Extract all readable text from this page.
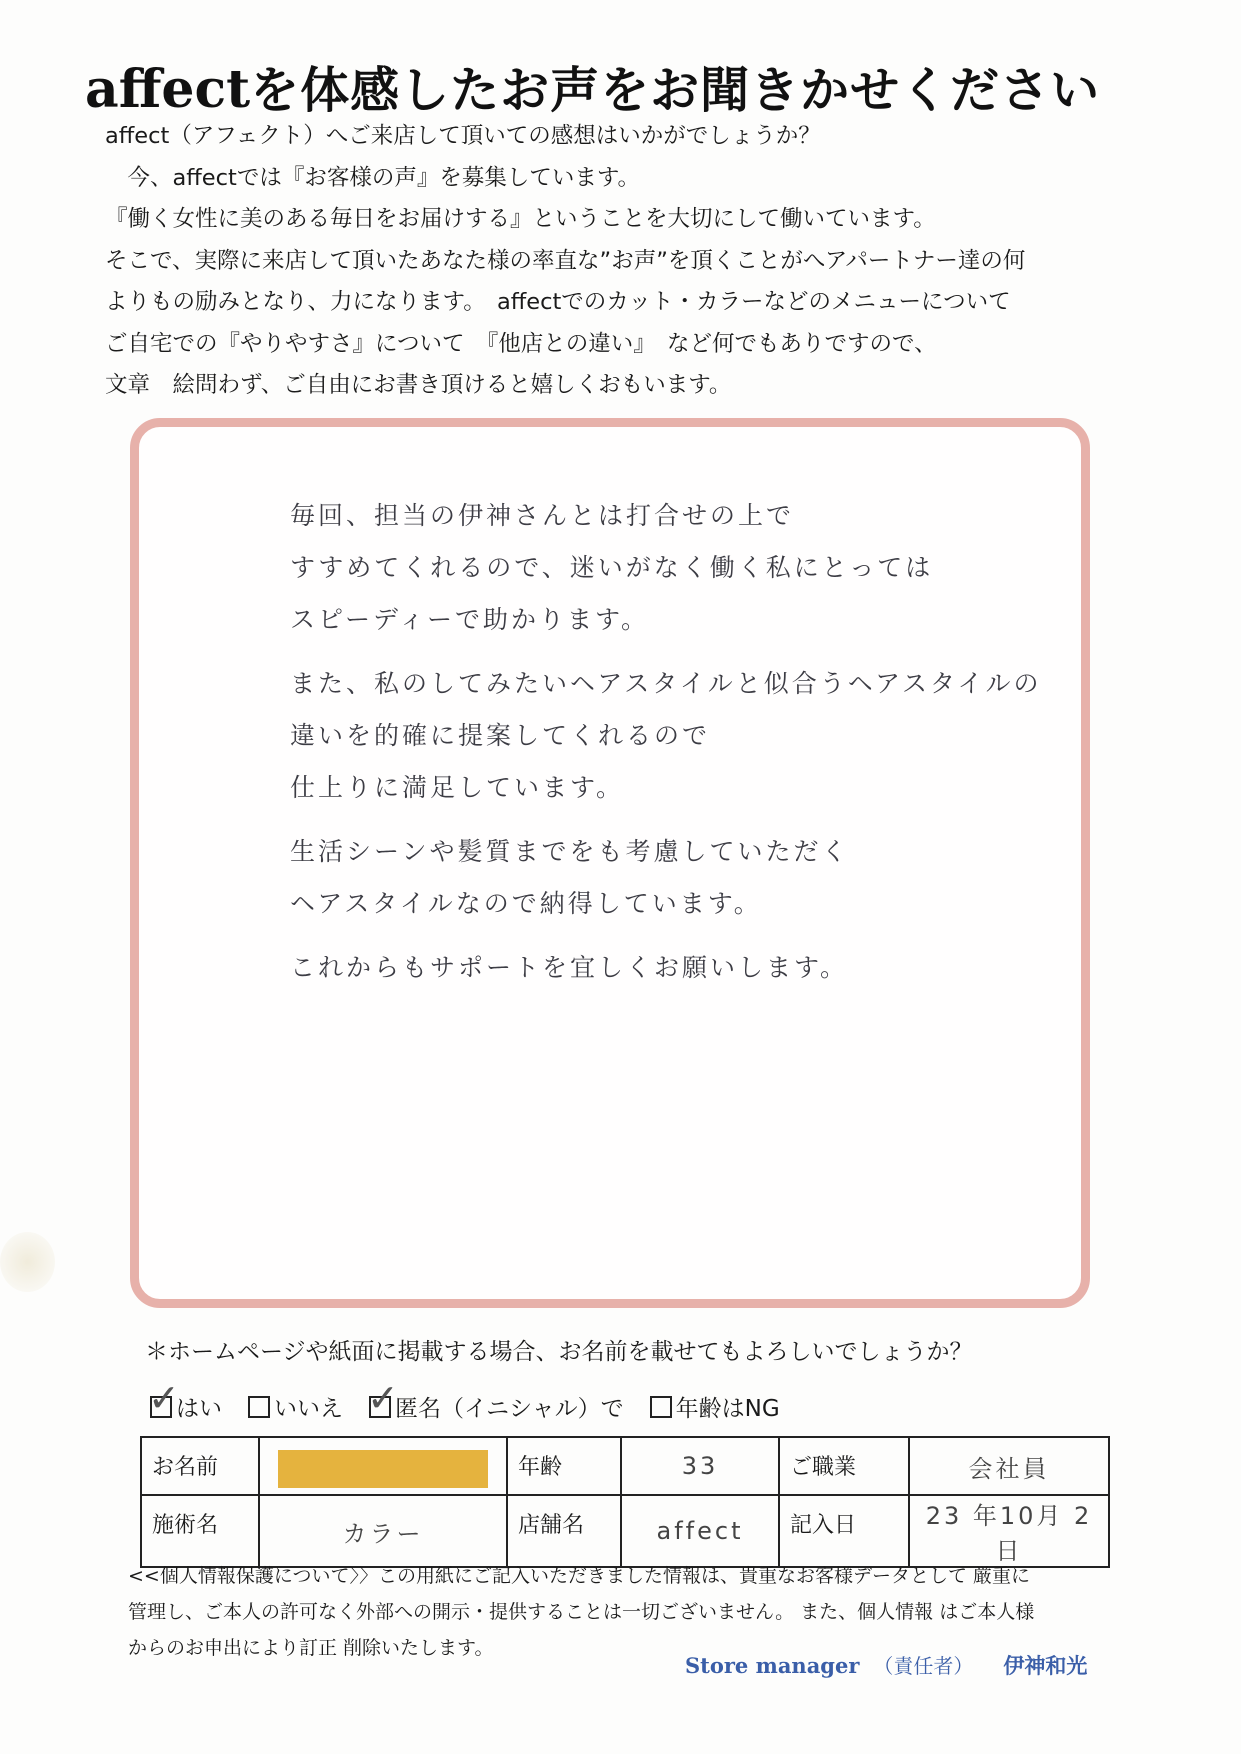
affectを体感したお声をお聞きかせください
affect（アフェクト）へご来店して頂いての感想はいかがでしょうか？
　今、affectでは『お客様の声』を募集しています。
『働く女性に美のある毎日をお届けする』ということを大切にして働いています。
そこで、実際に来店して頂いたあなた様の率直な”お声”を頂くことがへアパートナー達の何
よりもの励みとなり、力になります。　affectでのカット・カラーなどのメニューについて
ご自宅での『やりやすさ』について　『他店との違い』　など何でもありですので、
文章　絵問わず、ご自由にお書き頂けると嬉しくおもいます。
毎回、担当の伊神さんとは打合せの上で
すすめてくれるので、迷いがなく働く私にとっては
スピーディーで助かります。
また、私のしてみたいヘアスタイルと似合うヘアスタイルの
違いを的確に提案してくれるので
仕上りに満足しています。
生活シーンや髪質までをも考慮していただく
ヘアスタイルなので納得しています。
これからもサポートを宜しくお願いします。
＊ホームページや紙面に掲載する場合、お名前を載せてもよろしいでしょうか？
✓
はい いいえ ✓
匿名（イニシャル）で 年齢はNG
お名前		年齢	33	ご職業	会社員
施術名	カラー	店舗名	affect	記入日	23 年10月 2日
<<個人情報保護について〉〉この用紙にご記入いただきました情報は、貴重なお客様データとして 厳重に
管理し、ご本人の許可なく外部への開示・提供することは一切ございません。 また、個人情報 はご本人様
からのお申出により訂正 削除いたします。
Store manager （責任者） 伊神和光
